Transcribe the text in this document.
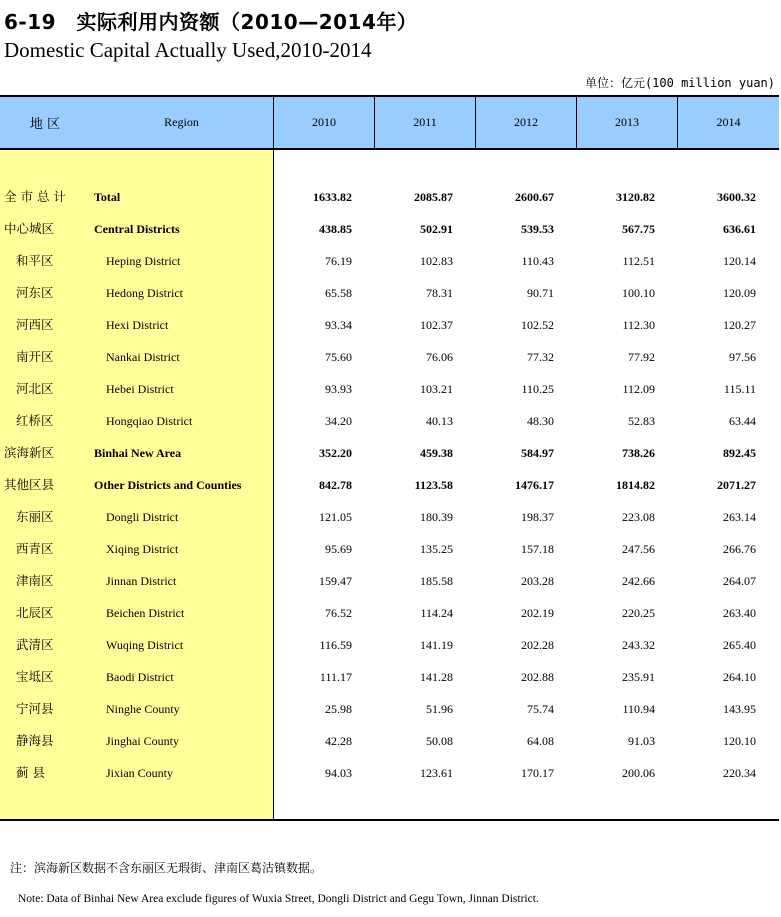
6-19　实际利用内资额（2010—2014年）
Domestic Capital Actually Used,2010-2014
单位：亿元(100 million yuan)
地 区	Region	2010	2011	2012	2013	2014
全 市 总 计 Total	1633.82	2085.87	2600.67	3120.82	3600.32
中心城区	Central Districts	438.85	502.91	539.53	567.75	636.61
和平区	Heping District	76.19	102.83	110.43	112.51	120.14
河东区	Hedong District	65.58	78.31	90.71	100.10	120.09
河西区	Hexi District	93.34	102.37	102.52	112.30	120.27
南开区	Nankai District	75.60	76.06	77.32	77.92	97.56
河北区	Hebei District	93.93	103.21	110.25	112.09	115.11
红桥区	Hongqiao District	34.20	40.13	48.30	52.83	63.44
滨海新区	Binhai New Area	352.20	459.38	584.97	738.26	892.45
其他区县	Other Districts and Counties	842.78	1123.58	1476.17	1814.82	2071.27
东丽区	Dongli District	121.05	180.39	198.37	223.08	263.14
西青区	Xiqing District	95.69	135.25	157.18	247.56	266.76
津南区	Jinnan District	159.47	185.58	203.28	242.66	264.07
北辰区	Beichen District	76.52	114.24	202.19	220.25	263.40
武清区	Wuqing District	116.59	141.19	202.28	243.32	265.40
宝坻区	Baodi District	111.17	141.28	202.88	235.91	264.10
宁河县	Ninghe County	25.98	51.96	75.74	110.94	143.95
静海县	Jinghai County	42.28	50.08	64.08	91.03	120.10
蓟 县	Jixian County	94.03	123.61	170.17	200.06	220.34
注：滨海新区数据不含东丽区无瑕街、津南区葛沽镇数据。
Note: Data of Binhai New Area exclude figures of Wuxia Street, Dongli District and Gegu Town, Jinnan District.
